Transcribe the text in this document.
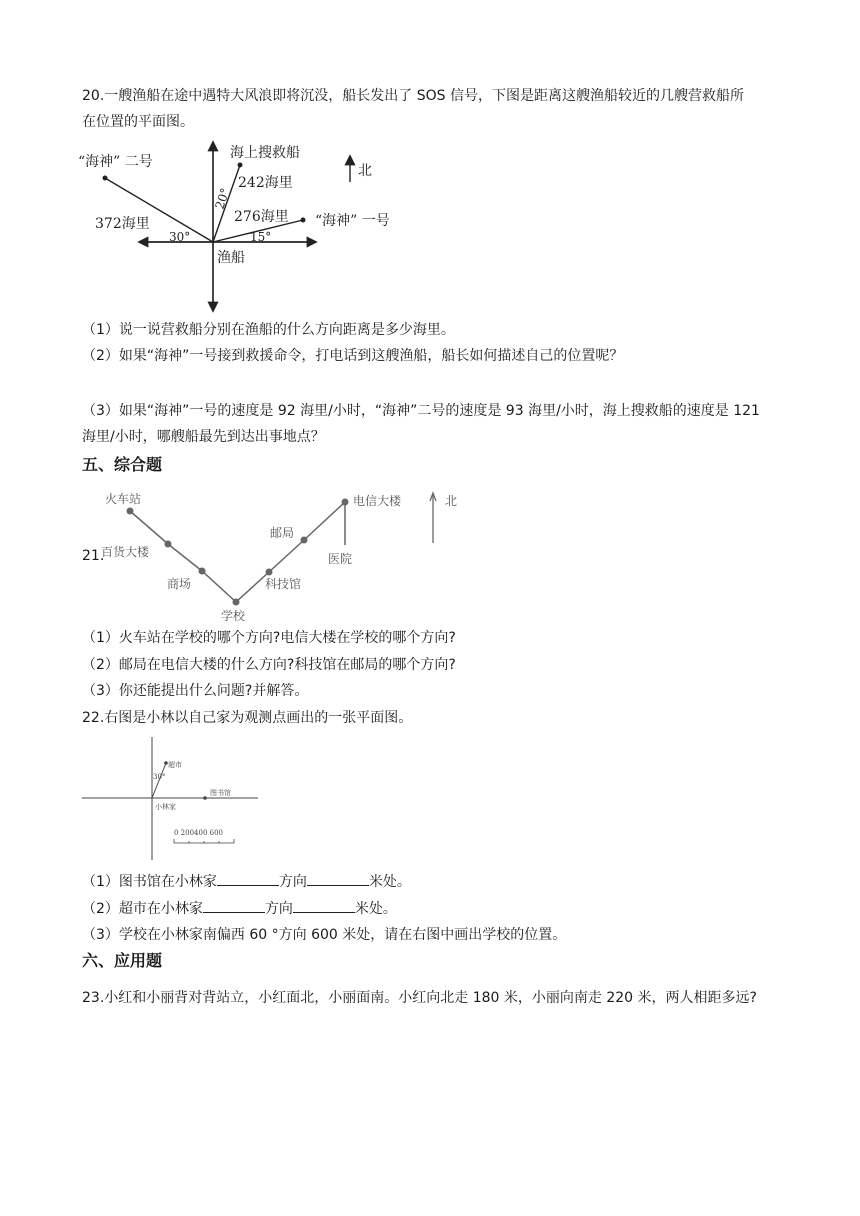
20.一艘渔船在途中遇特大风浪即将沉没，船长发出了 SOS 信号，下图是距离这艘渔船较近的几艘营救船所
在位置的平面图。
海上搜救船
242海里
20°
“海神” 二号
372海里
30°
“海神” 一号
276海里
15°
渔船
北
（1）说一说营救船分别在渔船的什么方向距离是多少海里。
（2）如果“海神”一号接到救援命令，打电话到这艘渔船，船长如何描述自己的位置呢？
（3）如果“海神”一号的速度是 92 海里/小时，“海神”二号的速度是 93 海里/小时，海上搜救船的速度是 121
海里/小时，哪艘船最先到达出事地点？
五、综合题
21.
火车站
百货大楼
商场
学校
科技馆
邮局
电信大楼
医院
北
（1）火车站在学校的哪个方向?电信大楼在学校的哪个方向?
（2）邮局在电信大楼的什么方向?科技馆在邮局的哪个方向?
（3）你还能提出什么问题?并解答。
22.右图是小林以自己家为观测点画出的一张平面图。
超市
30°
图书馆
小林家
0 200400 600
（1）图书馆在小林家	方向	米处。
（2）超市在小林家	方向	米处。
（3）学校在小林家南偏西 60 °方向 600 米处，请在右图中画出学校的位置。
六、应用题
23.小红和小丽背对背站立，小红面北，小丽面南。小红向北走 180 米，小丽向南走 220 米，两人相距多远?
